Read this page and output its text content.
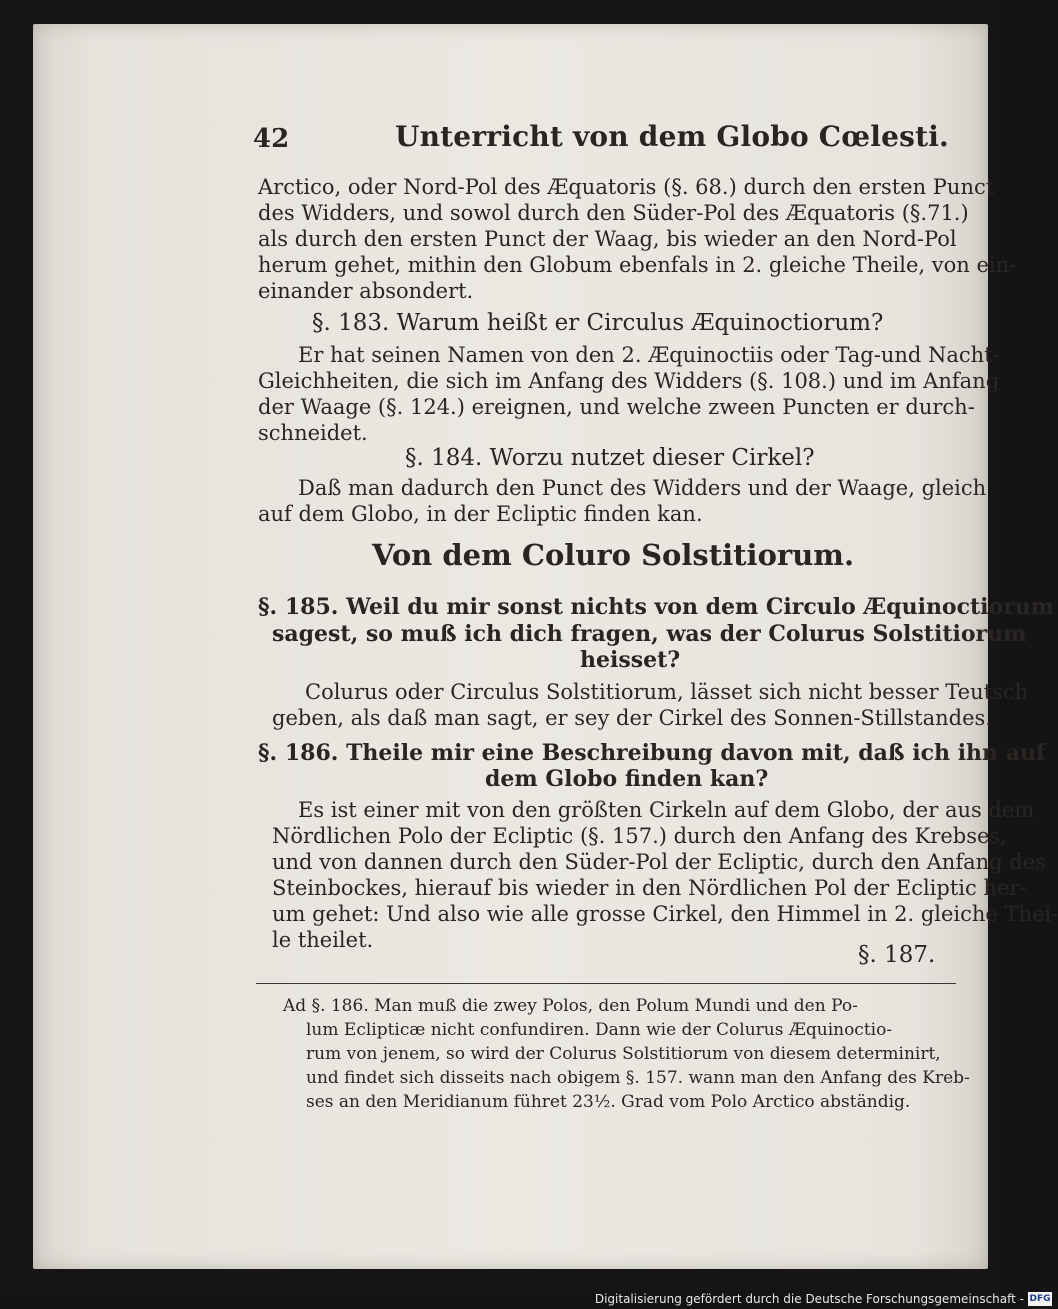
42	Unterricht von dem Globo Cœlesti.
Arctico, oder Nord-Pol des Æquatoris (§. 68.) durch den ersten Punct
des Widders, und sowol durch den Süder-Pol des Æquatoris (§.71.)
als durch den ersten Punct der Waag, bis wieder an den Nord-Pol
herum gehet, mithin den Globum ebenfals in 2. gleiche Theile, von ein-
einander absondert.
§. 183. Warum heißt er Circulus Æquinoctiorum?
Er hat seinen Namen von den 2. Æquinoctiis oder Tag-und Nacht-
Gleichheiten, die sich im Anfang des Widders (§. 108.) und im Anfang
der Waage (§. 124.) ereignen, und welche zween Puncten er durch-
schneidet.
§. 184. Worzu nutzet dieser Cirkel?
Daß man dadurch den Punct des Widders und der Waage, gleich
auf dem Globo, in der Ecliptic finden kan.
Von dem Coluro Solstitiorum.
§. 185. Weil du mir sonst nichts von dem Circulo Æquinoctiorum
sagest, so muß ich dich fragen, was der Colurus Solstitiorum
heisset?
Colurus oder Circulus Solstitiorum, lässet sich nicht besser Teutsch
geben, als daß man sagt, er sey der Cirkel des Sonnen-Stillstandes.
§. 186. Theile mir eine Beschreibung davon mit, daß ich ihn auf
dem Globo finden kan?
Es ist einer mit von den größten Cirkeln auf dem Globo, der aus dem
Nördlichen Polo der Ecliptic (§. 157.) durch den Anfang des Krebses,
und von dannen durch den Süder-Pol der Ecliptic, durch den Anfang des
Steinbockes, hierauf bis wieder in den Nördlichen Pol der Ecliptic her-
um gehet: Und also wie alle grosse Cirkel, den Himmel in 2. gleiche Thei-
le theilet.
§. 187.
Ad §. 186. Man muß die zwey Polos, den Polum Mundi und den Po-
lum Eclipticæ nicht confundiren. Dann wie der Colurus Æquinoctio-
rum von jenem, so wird der Colurus Solstitiorum von diesem determinirt,
und findet sich disseits nach obigem §. 157. wann man den Anfang des Kreb-
ses an den Meridianum führet 23½. Grad vom Polo Arctico abständig.
Digitalisierung gefördert durch die Deutsche Forschungsgemeinschaft - DFG
